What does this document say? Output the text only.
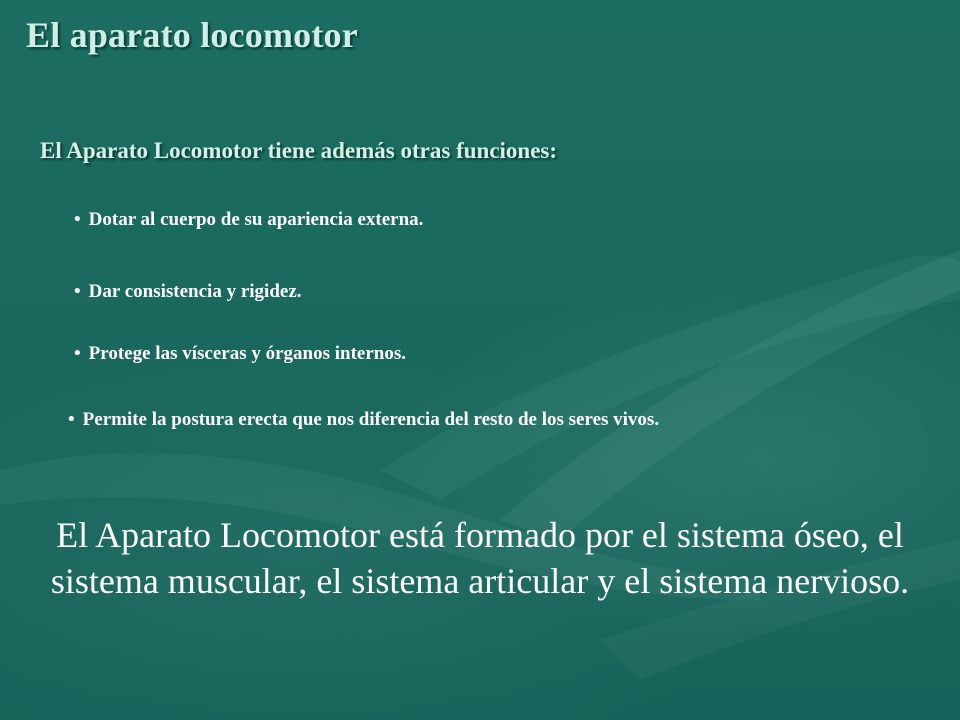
El aparato locomotor
El Aparato Locomotor tiene además otras funciones:
• Dotar al cuerpo de su apariencia externa.
• Dar consistencia y rigidez.
• Protege las vísceras y órganos internos.
• Permite la postura erecta que nos diferencia del resto de los seres vivos.

El Aparato Locomotor está formado por el sistema óseo, el sistema muscular, el sistema articular y el sistema nervioso.
